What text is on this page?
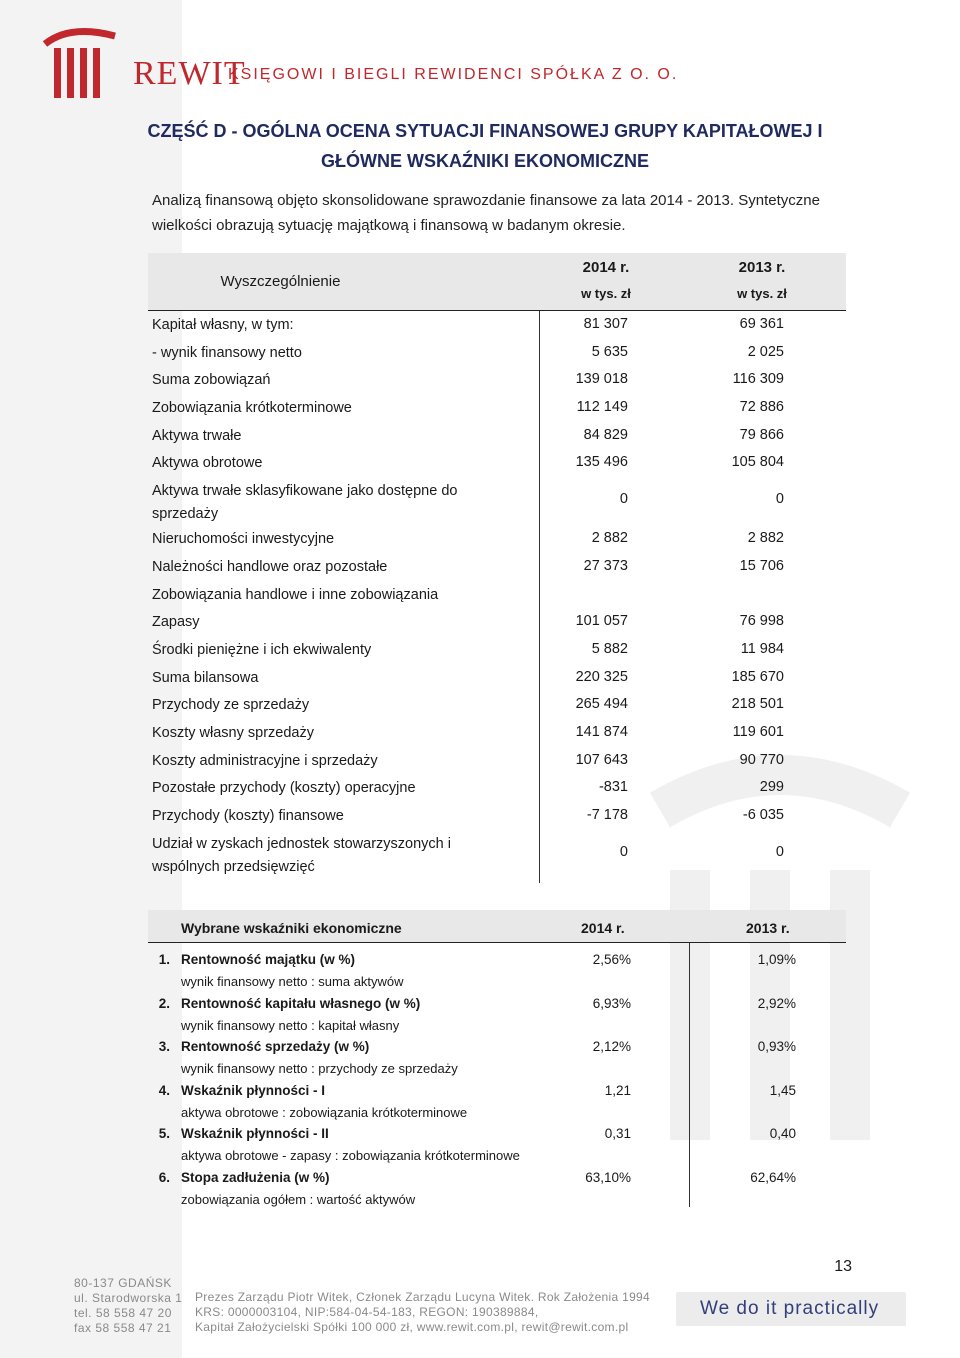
REWIT
KSIĘGOWI I BIEGLI REWIDENCI SPÓŁKA Z O. O.
CZĘŚĆ D - OGÓLNA OCENA SYTUACJI FINANSOWEJ GRUPY KAPITAŁOWEJ I
GŁÓWNE WSKAŹNIKI EKONOMICZNE
Analizą finansową objęto skonsolidowane sprawozdanie finansowe za lata 2014 - 2013. Syntetyczne wielkości obrazują sytuację majątkową i finansową w badanym okresie.
Wyszczególnienie
2014 r.	2013 r.
w tys. zł	w tys. zł
Kapitał własny, w tym:	81 307	69 361
- wynik finansowy netto	5 635	2 025
Suma zobowiązań	139 018	116 309
Zobowiązania krótkoterminowe	112 149	72 886
Aktywa trwałe	84 829	79 866
Aktywa obrotowe	135 496	105 804
Aktywa trwałe sklasyfikowane jako dostępne do sprzedaży
0	0
Nieruchomości inwestycyjne	2 882	2 882
Należności handlowe oraz pozostałe	27 373	15 706
Zobowiązania handlowe i inne zobowiązania
Zapasy	101 057	76 998
Środki pieniężne i ich ekwiwalenty	5 882	11 984
Suma bilansowa	220 325	185 670
Przychody ze sprzedaży	265 494	218 501
Koszty własny sprzedaży	141 874	119 601
Koszty administracyjne i sprzedaży	107 643	90 770
Pozostałe przychody (koszty) operacyjne	-831	299
Przychody (koszty) finansowe	-7 178	-6 035
Udział w zyskach jednostek stowarzyszonych i wspólnych przedsięwzięć
0	0
Wybrane wskaźniki ekonomiczne	2014 r.	2013 r.
1. Rentowność majątku (w %)
wynik finansowy netto : suma aktywów
2,56%	1,09%
2. Rentowność kapitału własnego (w %)
wynik finansowy netto : kapitał własny
6,93%	2,92%
3. Rentowność sprzedaży (w %)
wynik finansowy netto : przychody ze sprzedaży
2,12%	0,93%
4. Wskaźnik płynności - I
aktywa obrotowe : zobowiązania krótkoterminowe
1,21	1,45
5. Wskaźnik płynności - II
aktywa obrotowe - zapasy : zobowiązania krótkoterminowe
0,31	0,40
6. Stopa zadłużenia (w %)
zobowiązania ogółem : wartość aktywów
63,10%	62,64%
13
80-137 GDAŃSK
ul. Starodworska 1
tel. 58 558 47 20
fax 58 558 47 21
Prezes Zarządu Piotr Witek, Członek Zarządu Lucyna Witek. Rok Założenia 1994
KRS: 0000003104, NIP:584-04-54-183, REGON: 190389884,
Kapitał Założycielski Spółki 100 000 zł, www.rewit.com.pl, rewit@rewit.com.pl
We do it practically
